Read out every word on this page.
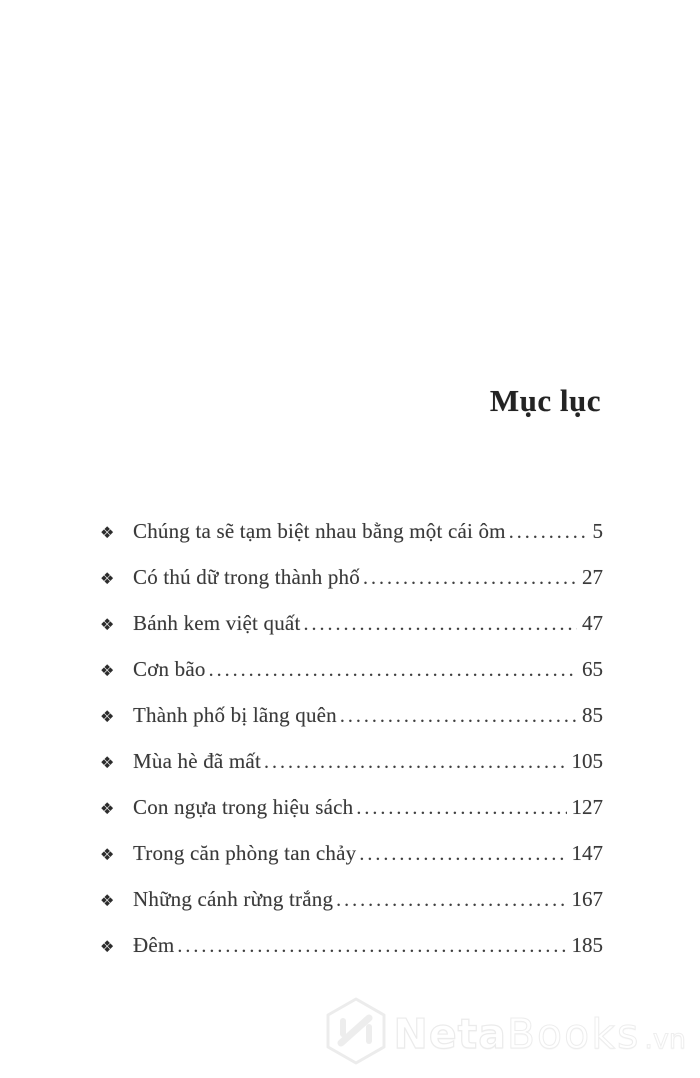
Mục lục
❖ Chúng ta sẽ tạm biệt nhau bằng một cái ôm .....	5
❖ Có thú dữ trong thành phố .....	27
❖ Bánh kem việt quất .....	47
❖ Cơn bão .....	65
❖ Thành phố bị lãng quên .....	85
❖ Mùa hè đã mất .....	105
❖ Con ngựa trong hiệu sách .....	127
❖ Trong căn phòng tan chảy .....	147
❖ Những cánh rừng trắng .....	167
❖ Đêm .....	185
Neta Books .vn
